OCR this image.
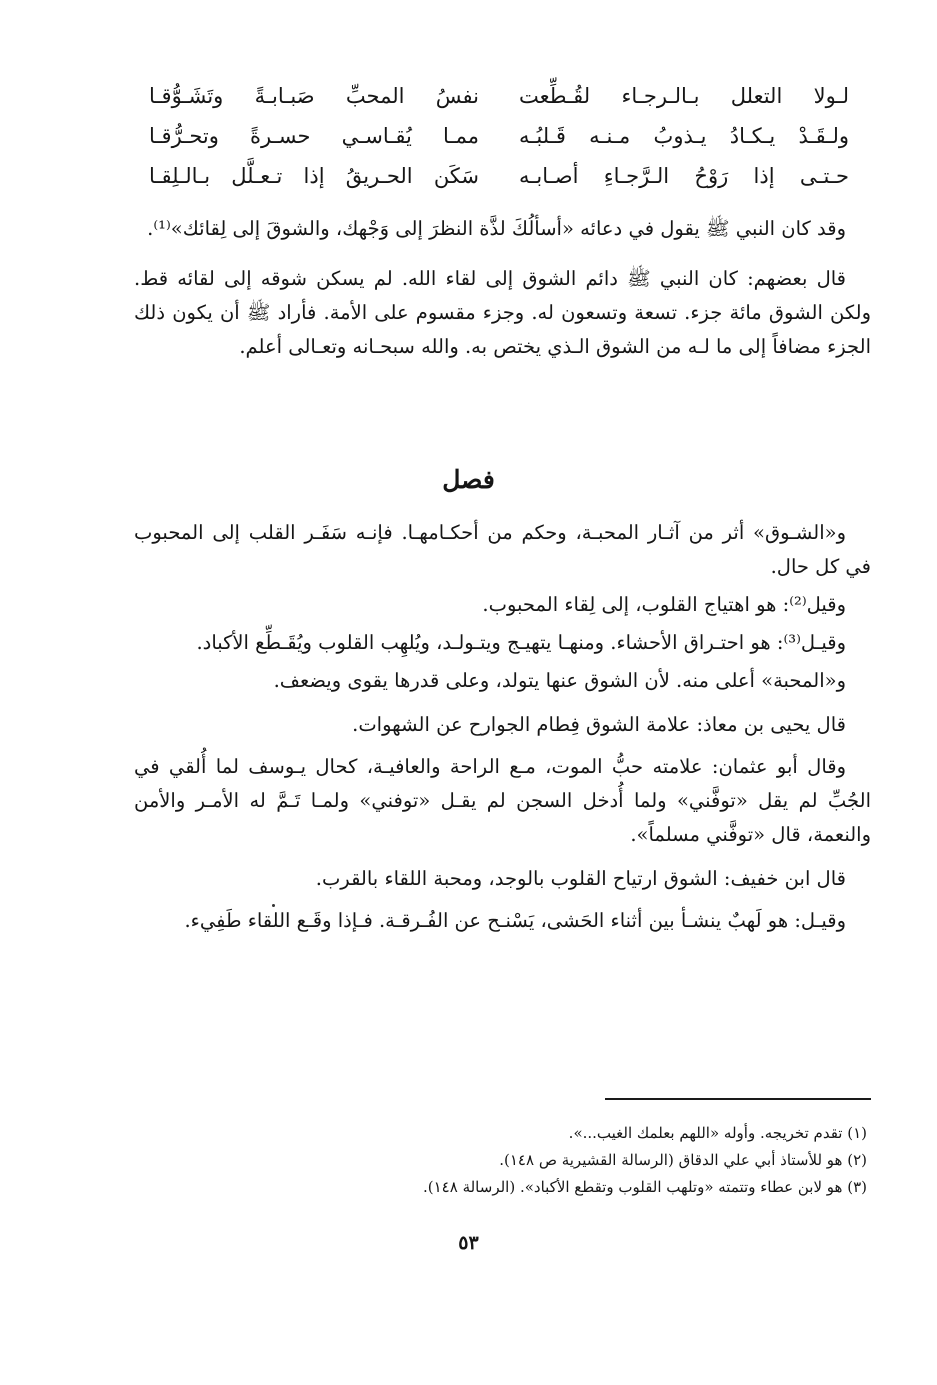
لـولا التعلل بـالـرجـاء لقُـطِّعت
نفسُ المحبِّ صَبـابـةً وتَشَـوُّقـا
ولـقَـدْ يـكـادُ يـذوبُ مـنـه قَـلبُـه
ممـا يُقـاسـي حسـرةً وتحـرُّقـا
حـتـى إذا رَوْحُ الـرَّجـاءِ أصـابـه
سَكَن الحـريقُ إذا تـعـلَّل بـالـلِقـا

وقد كان النبي ﷺ يقول في دعائه «أسألُكَ لذَّة النظرَ إلى وَجْهك، والشوقَ إلى لِقائك»⁽¹⁾.

قال بعضهم: كان النبي ﷺ دائم الشوق إلى لقاء الله. لم يسكن شوقه إلى لقائه قط. ولكن الشوق مائة جزء. تسعة وتسعون له. وجزء مقسوم على الأمة. فأراد ﷺ أن يكون ذلك الجزء مضافاً إلى ما لـه من الشوق الـذي يختص به. والله سبحـانه وتعـالى أعلم.

فصل

و«الشـوق» أثر من آثـار المحبـة، وحكم من أحكـامهـا. فإنـه سَفَـر القلب إلى المحبوب في كل حال.

وقيل⁽²⁾: هو اهتياج القلوب، إلى لِقاء المحبوب.

وقيـل⁽³⁾: هو احتـراق الأحشاء. ومنهـا يتهيـج ويتـولـد، ويُلهِب القلوب ويُقَـطِّع الأكباد.

و«المحبة» أعلى منه. لأن الشوق عنها يتولد، وعلى قدرها يقوى ويضعف.

قال يحيى بن معاذ: علامة الشوق فِطام الجوارح عن الشهوات.

وقال أبو عثمان: علامته حبُّ الموت، مـع الراحة والعافيـة، كحال يـوسف لما أُلقي في الجُبِّ لم يقل «توفَّني» ولما أُدخل السجن لم يقـل «توفني» ولمـا تَـمَّ له الأمـر والأمن والنعمة، قال «توفَّني مسلماً».

قال ابن خفيف: الشوق ارتياح القلوب بالوجد، ومحبة اللقاء بالقرب.

وقيـل: هو لَهبٌ ينشـأ بين أثناء الحَشى، يَسْنـح عن الفُـرقـة. فـإذا وقَـع اللقاء طَفِيء.

(١) تقدم تخريجه. وأوله «اللهم بعلمك الغيب...».

(٢) هو للأستاذ أبي علي الدقاق (الرسالة القشيرية ص ١٤٨).

(٣) هو لابن عطاء وتتمته «وتلهب القلوب وتقطع الأكباد». (الرسالة ١٤٨).

٥٣
